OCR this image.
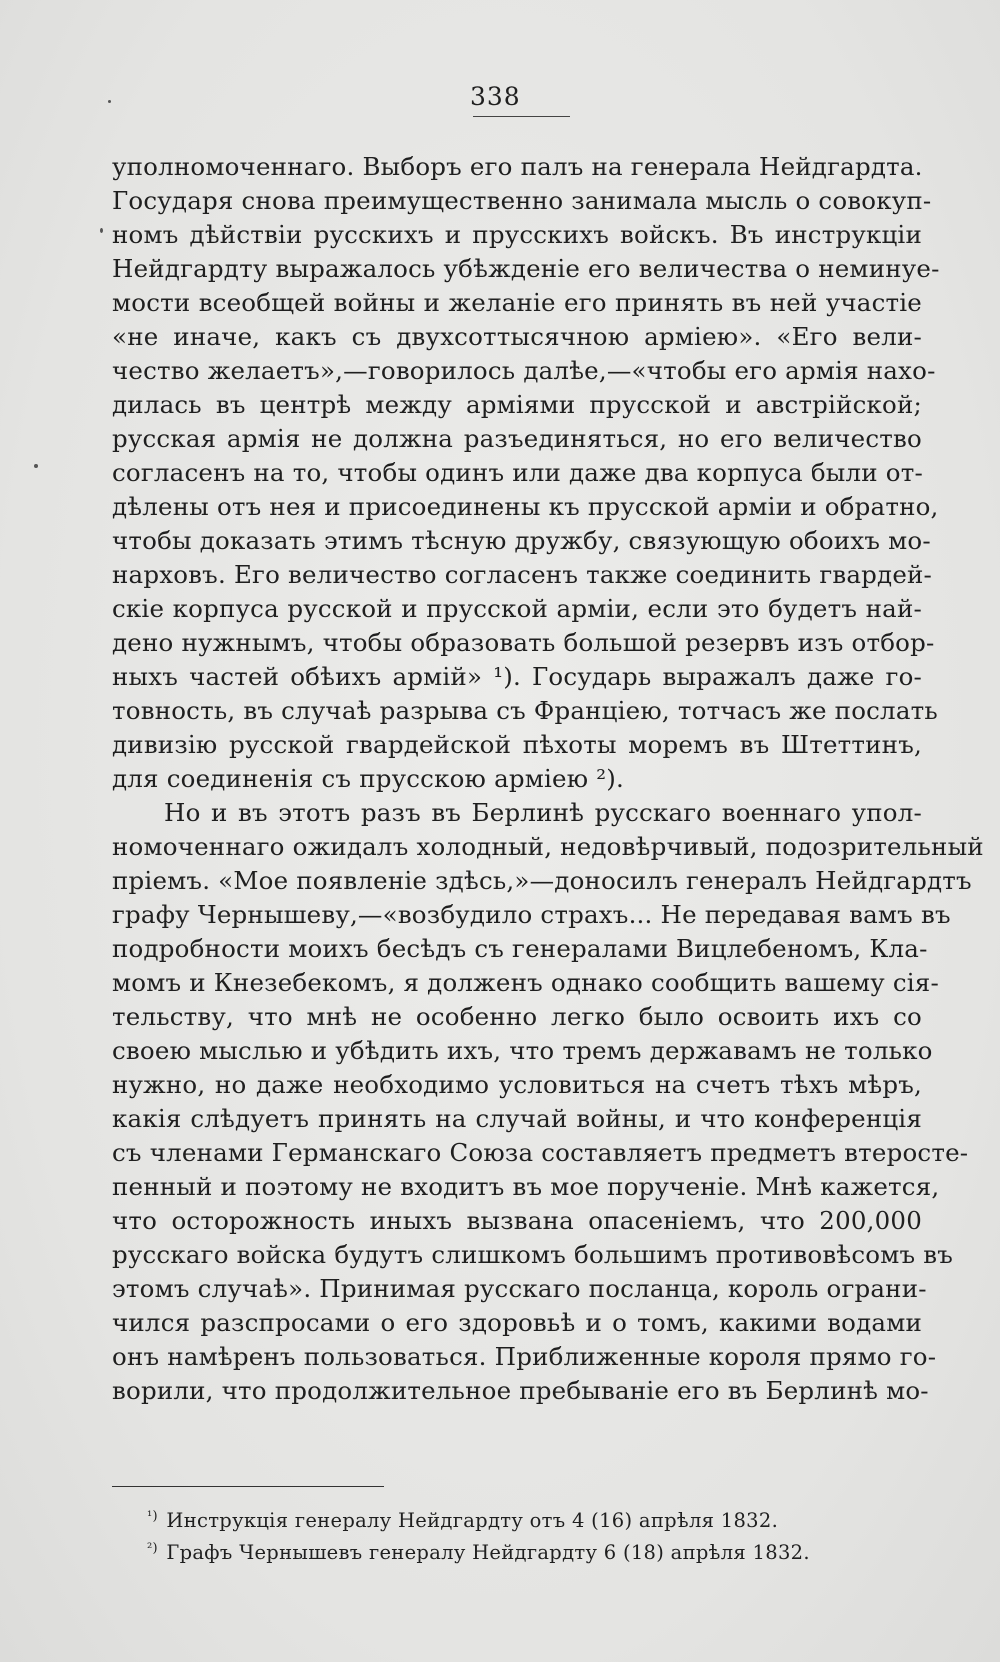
338
уполномоченнаго. Выборъ его палъ на генерала Нейдгардта.
Государя снова преимущественно занимала мысль о совокуп-
номъ дѣйствіи русскихъ и прусскихъ войскъ. Въ инструкціи
Нейдгардту выражалось убѣжденіе его величества о неминуе-
мости всеобщей войны и желаніе его принять въ ней участіе
«не иначе, какъ съ двухсоттысячною арміею». «Его вели-
чество желаетъ»,—говорилось далѣе,—«чтобы его армія нахо-
дилась въ центрѣ между арміями прусской и австрійской;
русская армія не должна разъединяться, но его величество
согласенъ на то, чтобы одинъ или даже два корпуса были от-
дѣлены отъ нея и присоединены къ прусской арміи и обратно,
чтобы доказать этимъ тѣсную дружбу, связующую обоихъ мо-
нарховъ. Его величество согласенъ также соединить гвардей-
скіе корпуса русской и прусской арміи, если это будетъ най-
дено нужнымъ, чтобы образовать большой резервъ изъ отбор-
ныхъ частей обѣихъ армій» ¹). Государь выражалъ даже го-
товность, въ случаѣ разрыва съ Франціею, тотчасъ же послать
дивизію русской гвардейской пѣхоты моремъ въ Штеттинъ,
для соединенія съ прусскою арміею ²).
Но и въ этотъ разъ въ Берлинѣ русскаго военнаго упол-
номоченнаго ожидалъ холодный, недовѣрчивый, подозрительный
пріемъ. «Мое появленіе здѣсь,»—доносилъ генералъ Нейдгардтъ
графу Чернышеву,—«возбудило страхъ... Не передавая вамъ въ
подробности моихъ бесѣдъ съ генералами Вицлебеномъ, Кла-
момъ и Кнезебекомъ, я долженъ однако сообщить вашему сія-
тельству, что мнѣ не особенно легко было освоить ихъ со
своею мыслью и убѣдить ихъ, что тремъ державамъ не только
нужно, но даже необходимо условиться на счетъ тѣхъ мѣръ,
какія слѣдуетъ принять на случай войны, и что конференція
съ членами Германскаго Союза составляетъ предметъ втеросте-
пенный и поэтому не входитъ въ мое порученіе. Мнѣ кажется,
что осторожность иныхъ вызвана опасеніемъ, что 200,000
русскаго войска будутъ слишкомъ большимъ противовѣсомъ въ
этомъ случаѣ». Принимая русскаго посланца, король ограни-
чился разспросами о его здоровьѣ и о томъ, какими водами
онъ намѣренъ пользоваться. Приближенные короля прямо го-
ворили, что продолжительное пребываніе его въ Берлинѣ мо-
$^{^1)}$ Инструкція генералу Нейдгардту отъ 4 (16) апрѣля 1832.
$^{^2)}$ Графъ Чернышевъ генералу Нейдгардту 6 (18) апрѣля 1832.
